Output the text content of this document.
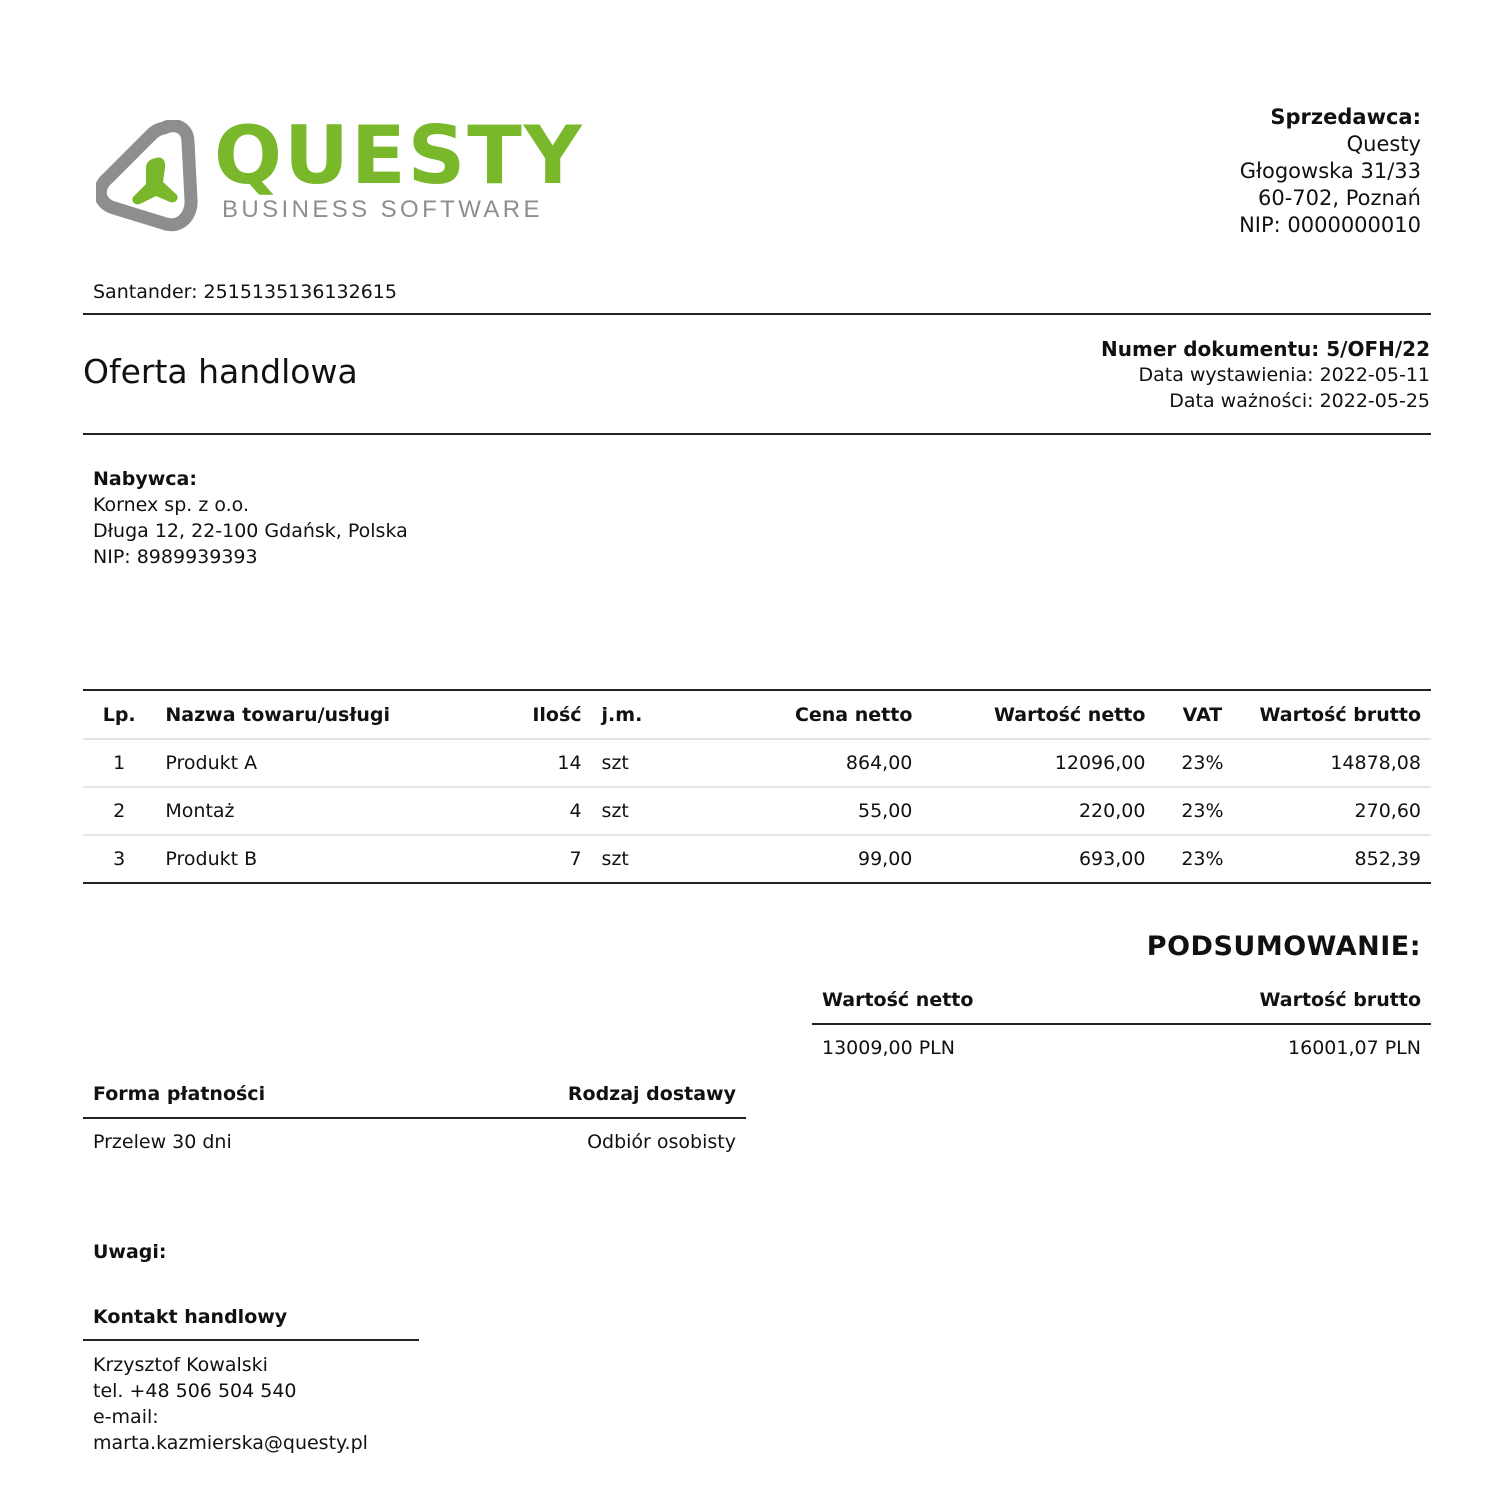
QUESTY
BUSINESS SOFTWARE
Sprzedawca:
Questy
Głogowska 31/33
60-702, Poznań
NIP: 0000000010
Santander: 2515135136132615
Oferta handlowa
Numer dokumentu: 5/OFH/22
Data wystawienia: 2022-05-11
Data ważności: 2022-05-25
Nabywca:
Kornex sp. z o.o.
Długa 12, 22-100 Gdańsk, Polska
NIP: 8989939393
Lp.	Nazwa towaru/usługi	Ilość	j.m.	Cena netto	Wartość netto	VAT	Wartość brutto
1	Produkt A	14	szt	864,00	12096,00	23%	14878,08
2	Montaż	4	szt	55,00	220,00	23%	270,60
3	Produkt B	7	szt	99,00	693,00	23%	852,39
PODSUMOWANIE:
Wartość netto	Wartość brutto
13009,00 PLN	16001,07 PLN
Forma płatności	Rodzaj dostawy
Przelew 30 dni	Odbiór osobisty
Uwagi:
Kontakt handlowy
Krzysztof Kowalski
tel. +48 506 504 540
e-mail:
marta.kazmierska@questy.pl
